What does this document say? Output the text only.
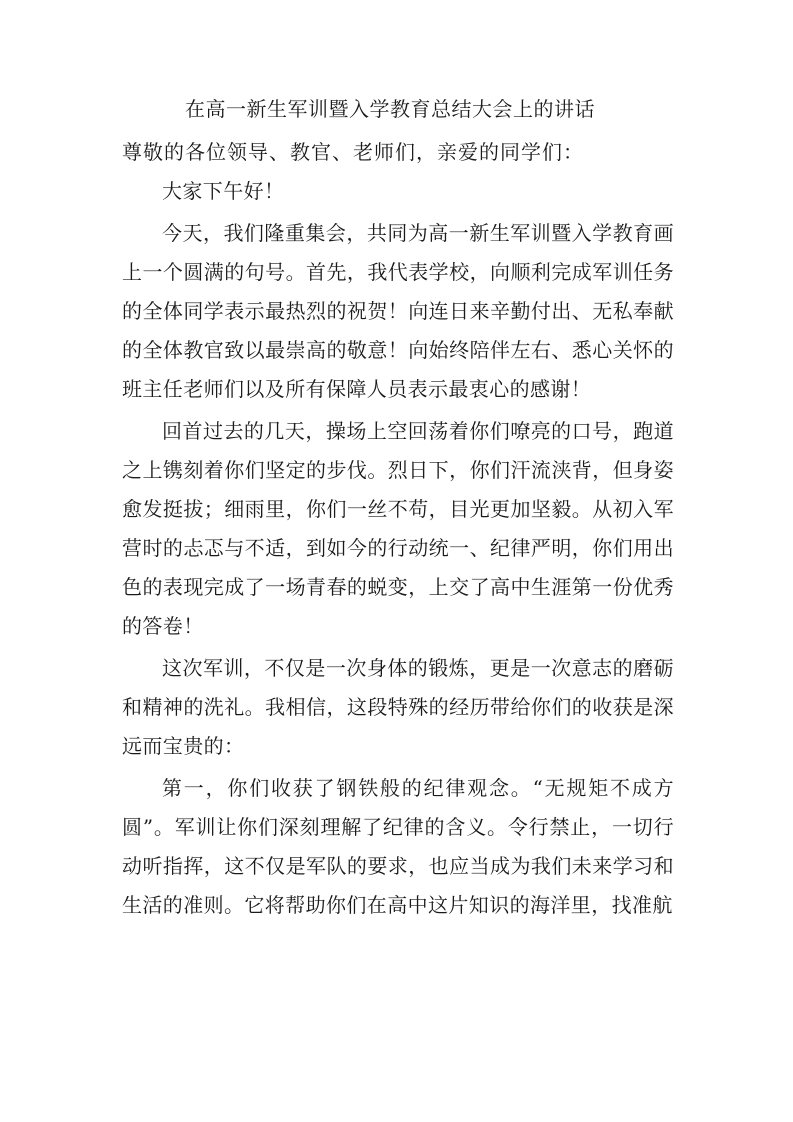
在高一新生军训暨入学教育总结大会上的讲话
尊敬的各位领导、教官、老师们，亲爱的同学们：

大家下午好！

今天，我们隆重集会，共同为高一新生军训暨入学教育画上一个圆满的句号。首先，我代表学校，向顺利完成军训任务的全体同学表示最热烈的祝贺！向连日来辛勤付出、无私奉献的全体教官致以最崇高的敬意！向始终陪伴左右、悉心关怀的班主任老师们以及所有保障人员表示最衷心的感谢！

回首过去的几天，操场上空回荡着你们嘹亮的口号，跑道之上镌刻着你们坚定的步伐。烈日下，你们汗流浃背，但身姿愈发挺拔；细雨里，你们一丝不苟，目光更加坚毅。从初入军营时的忐忑与不适，到如今的行动统一、纪律严明，你们用出色的表现完成了一场青春的蜕变，上交了高中生涯第一份优秀的答卷！

这次军训，不仅是一次身体的锻炼，更是一次意志的磨砺和精神的洗礼。我相信，这段特殊的经历带给你们的收获是深远而宝贵的：

第一，你们收获了钢铁般的纪律观念。“无规矩不成方圆”。军训让你们深刻理解了纪律的含义。令行禁止，一切行动听指挥，这不仅是军队的要求，也应当成为我们未来学习和生活的准则。它将帮助你们在高中这片知识的海洋里，找准航
